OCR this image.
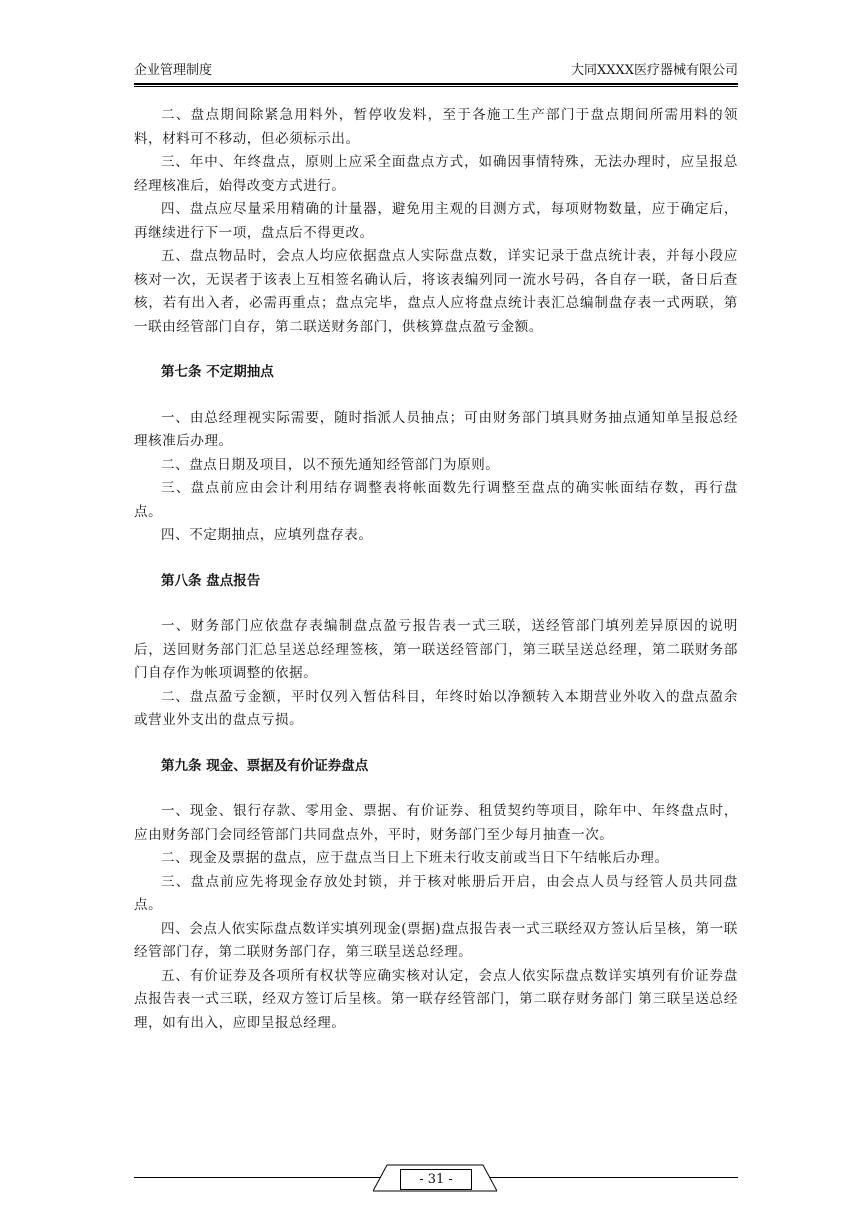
企业管理制度	大同XXXX医疗器械有限公司

二、盘点期间除紧急用料外，暂停收发料，至于各施工生产部门于盘点期间所需用料的领料，材料可不移动，但必须标示出。

三、年中、年终盘点，原则上应采全面盘点方式，如确因事情特殊，无法办理时，应呈报总经理核准后，始得改变方式进行。

四、盘点应尽量采用精确的计量器，避免用主观的目测方式，每项财物数量，应于确定后，再继续进行下一项，盘点后不得更改。

五、盘点物品时，会点人均应依据盘点人实际盘点数，详实记录于盘点统计表，并每小段应核对一次，无误者于该表上互相签名确认后，将该表编列同一流水号码，各自存一联，备日后查核，若有出入者，必需再重点；盘点完毕，盘点人应将盘点统计表汇总编制盘存表一式两联，第一联由经管部门自存，第二联送财务部门，供核算盘点盈亏金额。

第七条 不定期抽点

一、由总经理视实际需要，随时指派人员抽点；可由财务部门填具财务抽点通知单呈报总经理核准后办理。

二、盘点日期及项目，以不预先通知经管部门为原则。

三、盘点前应由会计利用结存调整表将帐面数先行调整至盘点的确实帐面结存数，再行盘点。

四、不定期抽点，应填列盘存表。

第八条 盘点报告

一、财务部门应依盘存表编制盘点盈亏报告表一式三联，送经管部门填列差异原因的说明后，送回财务部门汇总呈送总经理签核，第一联送经管部门，第三联呈送总经理，第二联财务部门自存作为帐项调整的依据。

二、盘点盈亏金额，平时仅列入暂估科目，年终时始以净额转入本期营业外收入的盘点盈余或营业外支出的盘点亏损。

第九条 现金、票据及有价证券盘点

一、现金、银行存款、零用金、票据、有价证券、租赁契约等项目，除年中、年终盘点时，应由财务部门会同经管部门共同盘点外，平时，财务部门至少每月抽查一次。

二、现金及票据的盘点，应于盘点当日上下班未行收支前或当日下午结帐后办理。

三、盘点前应先将现金存放处封锁，并于核对帐册后开启，由会点人员与经管人员共同盘点。

四、会点人依实际盘点数详实填列现金(票据)盘点报告表一式三联经双方签认后呈核，第一联经管部门存，第二联财务部门存，第三联呈送总经理。

五、有价证券及各项所有权状等应确实核对认定，会点人依实际盘点数详实填列有价证券盘点报告表一式三联，经双方签订后呈核。第一联存经管部门，第二联存财务部门 第三联呈送总经理，如有出入，应即呈报总经理。

- 31 -
